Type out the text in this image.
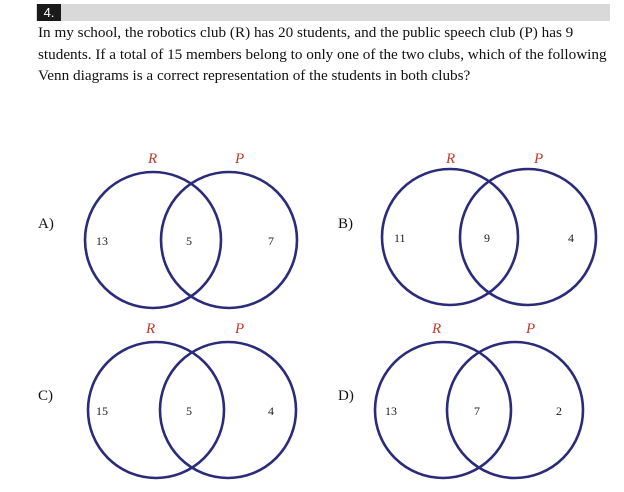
4.
In my school, the robotics club (R) has 20 students, and the public speech club (P) has 9 students. If a total of 15 members belong to only one of the two clubs, which of the following Venn diagrams is a correct representation of the students in both clubs?
A)
R	P
13	5	7
B)
R	P
11	9	4
C)
R	P
15	5	4
D)
R	P
13	7	2
